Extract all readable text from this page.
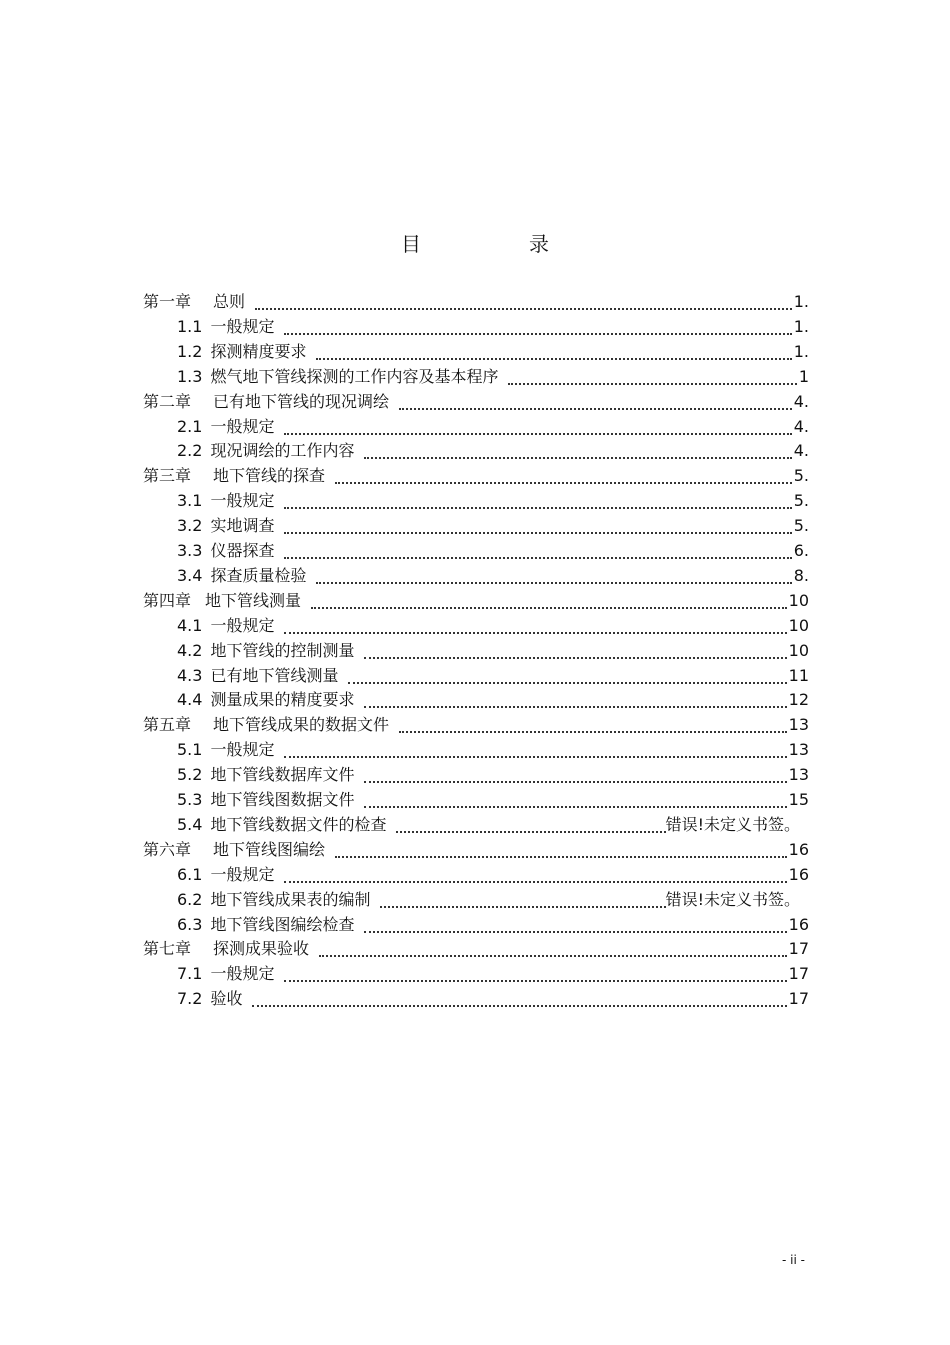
目　录
第一章 总则	1.
1.1 一般规定	1.
1.2 探测精度要求	1.
1.3 燃气地下管线探测的工作内容及基本程序	1
第二章 已有地下管线的现况调绘	4.
2.1 一般规定	4.
2.2 现况调绘的工作内容	4.
第三章 地下管线的探查	5.
3.1 一般规定	5.
3.2 实地调查	5.
3.3 仪器探查	6.
3.4 探查质量检验	8.
第四章 地下管线测量	10
4.1 一般规定	10
4.2 地下管线的控制测量	10
4.3 已有地下管线测量	11
4.4 测量成果的精度要求	12
第五章 地下管线成果的数据文件	13
5.1 一般规定	13
5.2 地下管线数据库文件	13
5.3 地下管线图数据文件	15
5.4 地下管线数据文件的检查	错误!未定义书签。
第六章 地下管线图编绘	16
6.1 一般规定	16
6.2 地下管线成果表的编制	错误!未定义书签。
6.3 地下管线图编绘检查	16
第七章 探测成果验收	17
7.1 一般规定	17
7.2 验收	17
- ii -
